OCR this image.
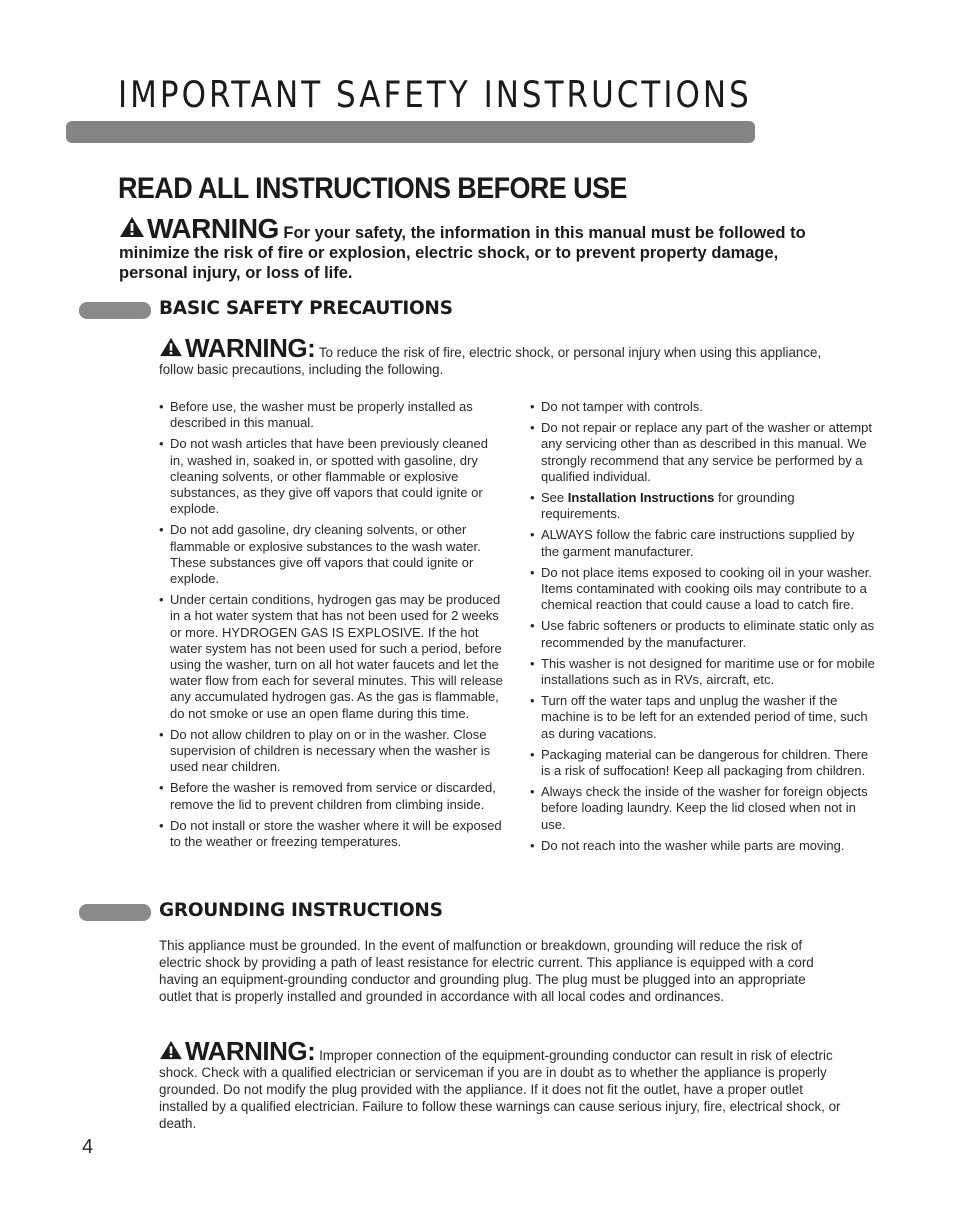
IMPORTANT SAFETY INSTRUCTIONS
READ ALL INSTRUCTIONS BEFORE USE
WARNING For your safety, the information in this manual must be followed to minimize the risk of fire or explosion, electric shock, or to prevent property damage, personal injury, or loss of life.
BASIC SAFETY PRECAUTIONS
WARNING: To reduce the risk of fire, electric shock, or personal injury when using this appliance, follow basic precautions, including the following.
• Before use, the washer must be properly installed as described in this manual.
• Do not wash articles that have been previously cleaned in, washed in, soaked in, or spotted with gasoline, dry cleaning solvents, or other flammable or explosive substances, as they give off vapors that could ignite or explode.
• Do not add gasoline, dry cleaning solvents, or other flammable or explosive substances to the wash water. These substances give off vapors that could ignite or explode.
• Under certain conditions, hydrogen gas may be produced in a hot water system that has not been used for 2 weeks or more. HYDROGEN GAS IS EXPLOSIVE. If the hot water system has not been used for such a period, before using the washer, turn on all hot water faucets and let the water flow from each for several minutes. This will release any accumulated hydrogen gas. As the gas is flammable, do not smoke or use an open flame during this time.
• Do not allow children to play on or in the washer. Close supervision of children is necessary when the washer is used near children.
• Before the washer is removed from service or discarded, remove the lid to prevent children from climbing inside.
• Do not install or store the washer where it will be exposed to the weather or freezing temperatures.
• Do not tamper with controls.
• Do not repair or replace any part of the washer or attempt any servicing other than as described in this manual. We strongly recommend that any service be performed by a qualified individual.
• See Installation Instructions for grounding requirements.
• ALWAYS follow the fabric care instructions supplied by the garment manufacturer.
• Do not place items exposed to cooking oil in your washer. Items contaminated with cooking oils may contribute to a chemical reaction that could cause a load to catch fire.
• Use fabric softeners or products to eliminate static only as recommended by the manufacturer.
• This washer is not designed for maritime use or for mobile installations such as in RVs, aircraft, etc.
• Turn off the water taps and unplug the washer if the machine is to be left for an extended period of time, such as during vacations.
• Packaging material can be dangerous for children. There is a risk of suffocation! Keep all packaging from children.
• Always check the inside of the washer for foreign objects before loading laundry. Keep the lid closed when not in use.
• Do not reach into the washer while parts are moving.
GROUNDING INSTRUCTIONS
This appliance must be grounded. In the event of malfunction or breakdown, grounding will reduce the risk of electric shock by providing a path of least resistance for electric current. This appliance is equipped with a cord having an equipment-grounding conductor and grounding plug. The plug must be plugged into an appropriate outlet that is properly installed and grounded in accordance with all local codes and ordinances.
WARNING: Improper connection of the equipment-grounding conductor can result in risk of electric shock. Check with a qualified electrician or serviceman if you are in doubt as to whether the appliance is properly grounded. Do not modify the plug provided with the appliance. If it does not fit the outlet, have a proper outlet installed by a qualified electrician. Failure to follow these warnings can cause serious injury, fire, electrical shock, or death.
4
